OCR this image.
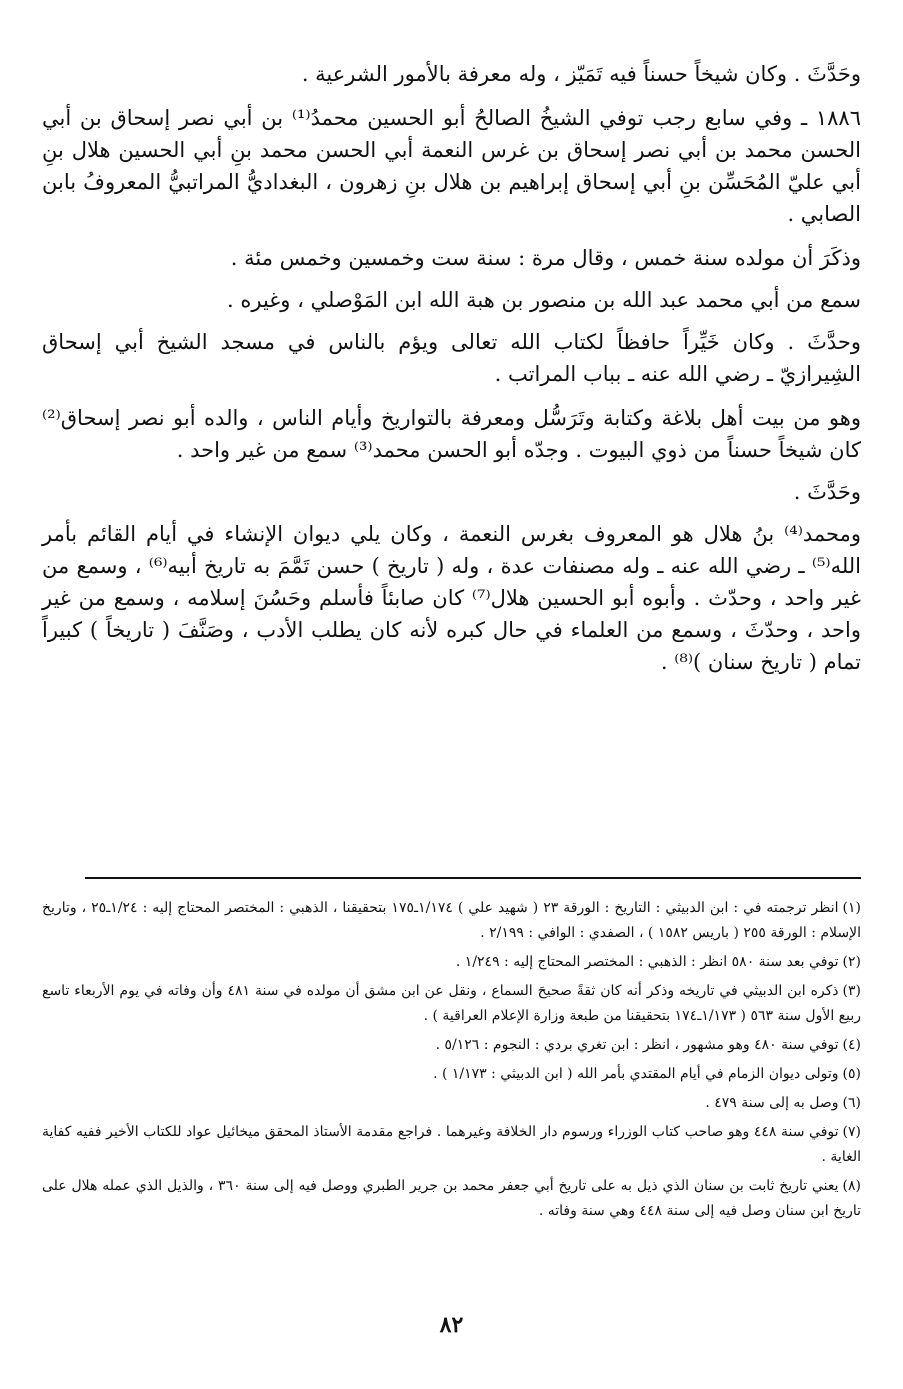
وحَدَّثَ . وكان شيخاً حسناً فيه تَمَيّز ، وله معرفة بالأمور الشرعية .

١٨٨٦ ـ وفي سابع رجب توفي الشيخُ الصالحُ أبو الحسين محمدُ⁽¹⁾ بن أبي نصر إسحاق بن أبي الحسن محمد بن أبي نصر إسحاق بن غرس النعمة أبي الحسن محمد بنِ أبي الحسين هلال بنِ أبي عليّ المُحَسِّن بنِ أبي إسحاق إبراهيم بن هلال بنِ زهرون ، البغداديُّ المراتبيُّ المعروفُ بابن الصابي .

وذكَرَ أن مولده سنة خمس ، وقال مرة : سنة ست وخمسين وخمس مئة .

سمع من أبي محمد عبد الله بن منصور بن هبة الله ابن المَوْصلي ، وغيره .

وحدَّثَ . وكان خَيِّراً حافظاً لكتاب الله تعالى ويؤم بالناس في مسجد الشيخ أبي إسحاق الشِيرازيّ ـ رضي الله عنه ـ بباب المراتب .

وهو من بيت أهل بلاغة وكتابة وتَرَسُّل ومعرفة بالتواريخ وأيام الناس ، والده أبو نصر إسحاق⁽²⁾ كان شيخاً حسناً من ذوي البيوت . وجدّه أبو الحسن محمد⁽³⁾ سمع من غير واحد .

وحَدَّثَ .

ومحمد⁽⁴⁾ بنُ هلال هو المعروف بغرس النعمة ، وكان يلي ديوان الإنشاء في أيام القائم بأمر الله⁽⁵⁾ ـ رضي الله عنه ـ وله مصنفات عدة ، وله ( تاريخ ) حسن تَمَّمَ به تاريخ أبيه⁽⁶⁾ ، وسمع من غير واحد ، وحدّث . وأبوه أبو الحسين هلال⁽⁷⁾ كان صابئاً فأسلم وحَسُنَ إسلامه ، وسمع من غير واحد ، وحدّثَ ، وسمع من العلماء في حال كبره لأنه كان يطلب الأدب ، وصَنَّفَ ( تاريخاً ) كبيراً تمام ( تاريخ سنان )⁽⁸⁾ .

(١)انظر ترجمته في : ابن الدبيثي : التاريخ : الورقة ٢٣ ( شهيد علي ) ١/١٧٤ـ١٧٥ بتحقيقنا ، الذهبي : المختصر المحتاج إليه : ١/٢٤ـ٢٥ ، وتاريخ الإسلام : الورقة ٢٥٥ ( باريس ١٥٨٢ ) ، الصفدي : الوافي : ٢/١٩٩ .

(٢)توفي بعد سنة ٥٨٠ انظر : الذهبي : المختصر المحتاج إليه : ١/٢٤٩ .

(٣)ذكره ابن الدبيثي في تاريخه وذكر أنه كان ثقةً صحيحَ السماع ، ونقل عن ابن مشق أن مولده في سنة ٤٨١ وأن وفاته في يوم الأربعاء تاسع ربيع الأول سنة ٥٦٣ ( ١/١٧٣ـ١٧٤ بتحقيقنا من طبعة وزارة الإعلام العراقية ) .

(٤)توفي سنة ٤٨٠ وهو مشهور ، انظر : ابن تغري بردي : النجوم : ٥/١٢٦ .

(٥)وتولى ديوان الزمام في أيام المقتدي بأمر الله ( ابن الدبيثي : ١/١٧٣ ) .

(٦)وصل به إلى سنة ٤٧٩ .

(٧)توفي سنة ٤٤٨ وهو صاحب كتاب الوزراء ورسوم دار الخلافة وغيرهما . فراجع مقدمة الأستاذ المحقق ميخائيل عواد للكتاب الأخير ففيه كفاية الغاية .

(٨)يعني تاريخ ثابت بن سنان الذي ذيل به على تاريخ أبي جعفر محمد بن جرير الطبري ووصل فيه إلى سنة ٣٦٠ ، والذيل الذي عمله هلال على تاريخ ابن سنان وصل فيه إلى سنة ٤٤٨ وهي سنة وفاته .

٨٢
